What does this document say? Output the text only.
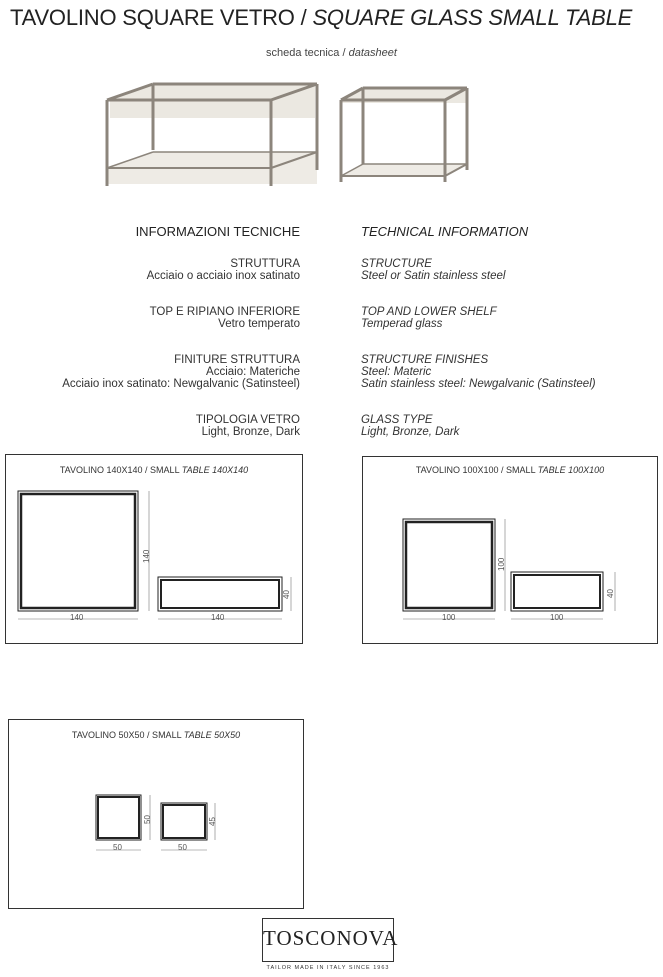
TAVOLINO SQUARE VETRO / SQUARE GLASS SMALL TABLE
scheda tecnica / datasheet
INFORMAZIONI TECNICHE	TECHNICAL INFORMATION
STRUTTURA
Acciaio o acciaio inox satinato
STRUCTURE
Steel or Satin stainless steel
TOP E RIPIANO INFERIORE
Vetro temperato
TOP AND LOWER SHELF
Temperad glass
FINITURE STRUTTURA
Acciaio: Materiche
Acciaio inox satinato: Newgalvanic (Satinsteel)
STRUCTURE FINISHES
Steel: Materic
Satin stainless steel: Newgalvanic (Satinsteel)
TIPOLOGIA VETRO
Light, Bronze, Dark
GLASS TYPE
Light, Bronze, Dark
TAVOLINO 140X140 / SMALL TABLE 140X140
140
140
140
40
TAVOLINO 100X100 / SMALL TABLE 100X100
100
100
100
40
TAVOLINO 50X50 / SMALL TABLE 50X50
50
50
50
45
TOSCONOVA
TAILOR MADE IN ITALY SINCE 1963
